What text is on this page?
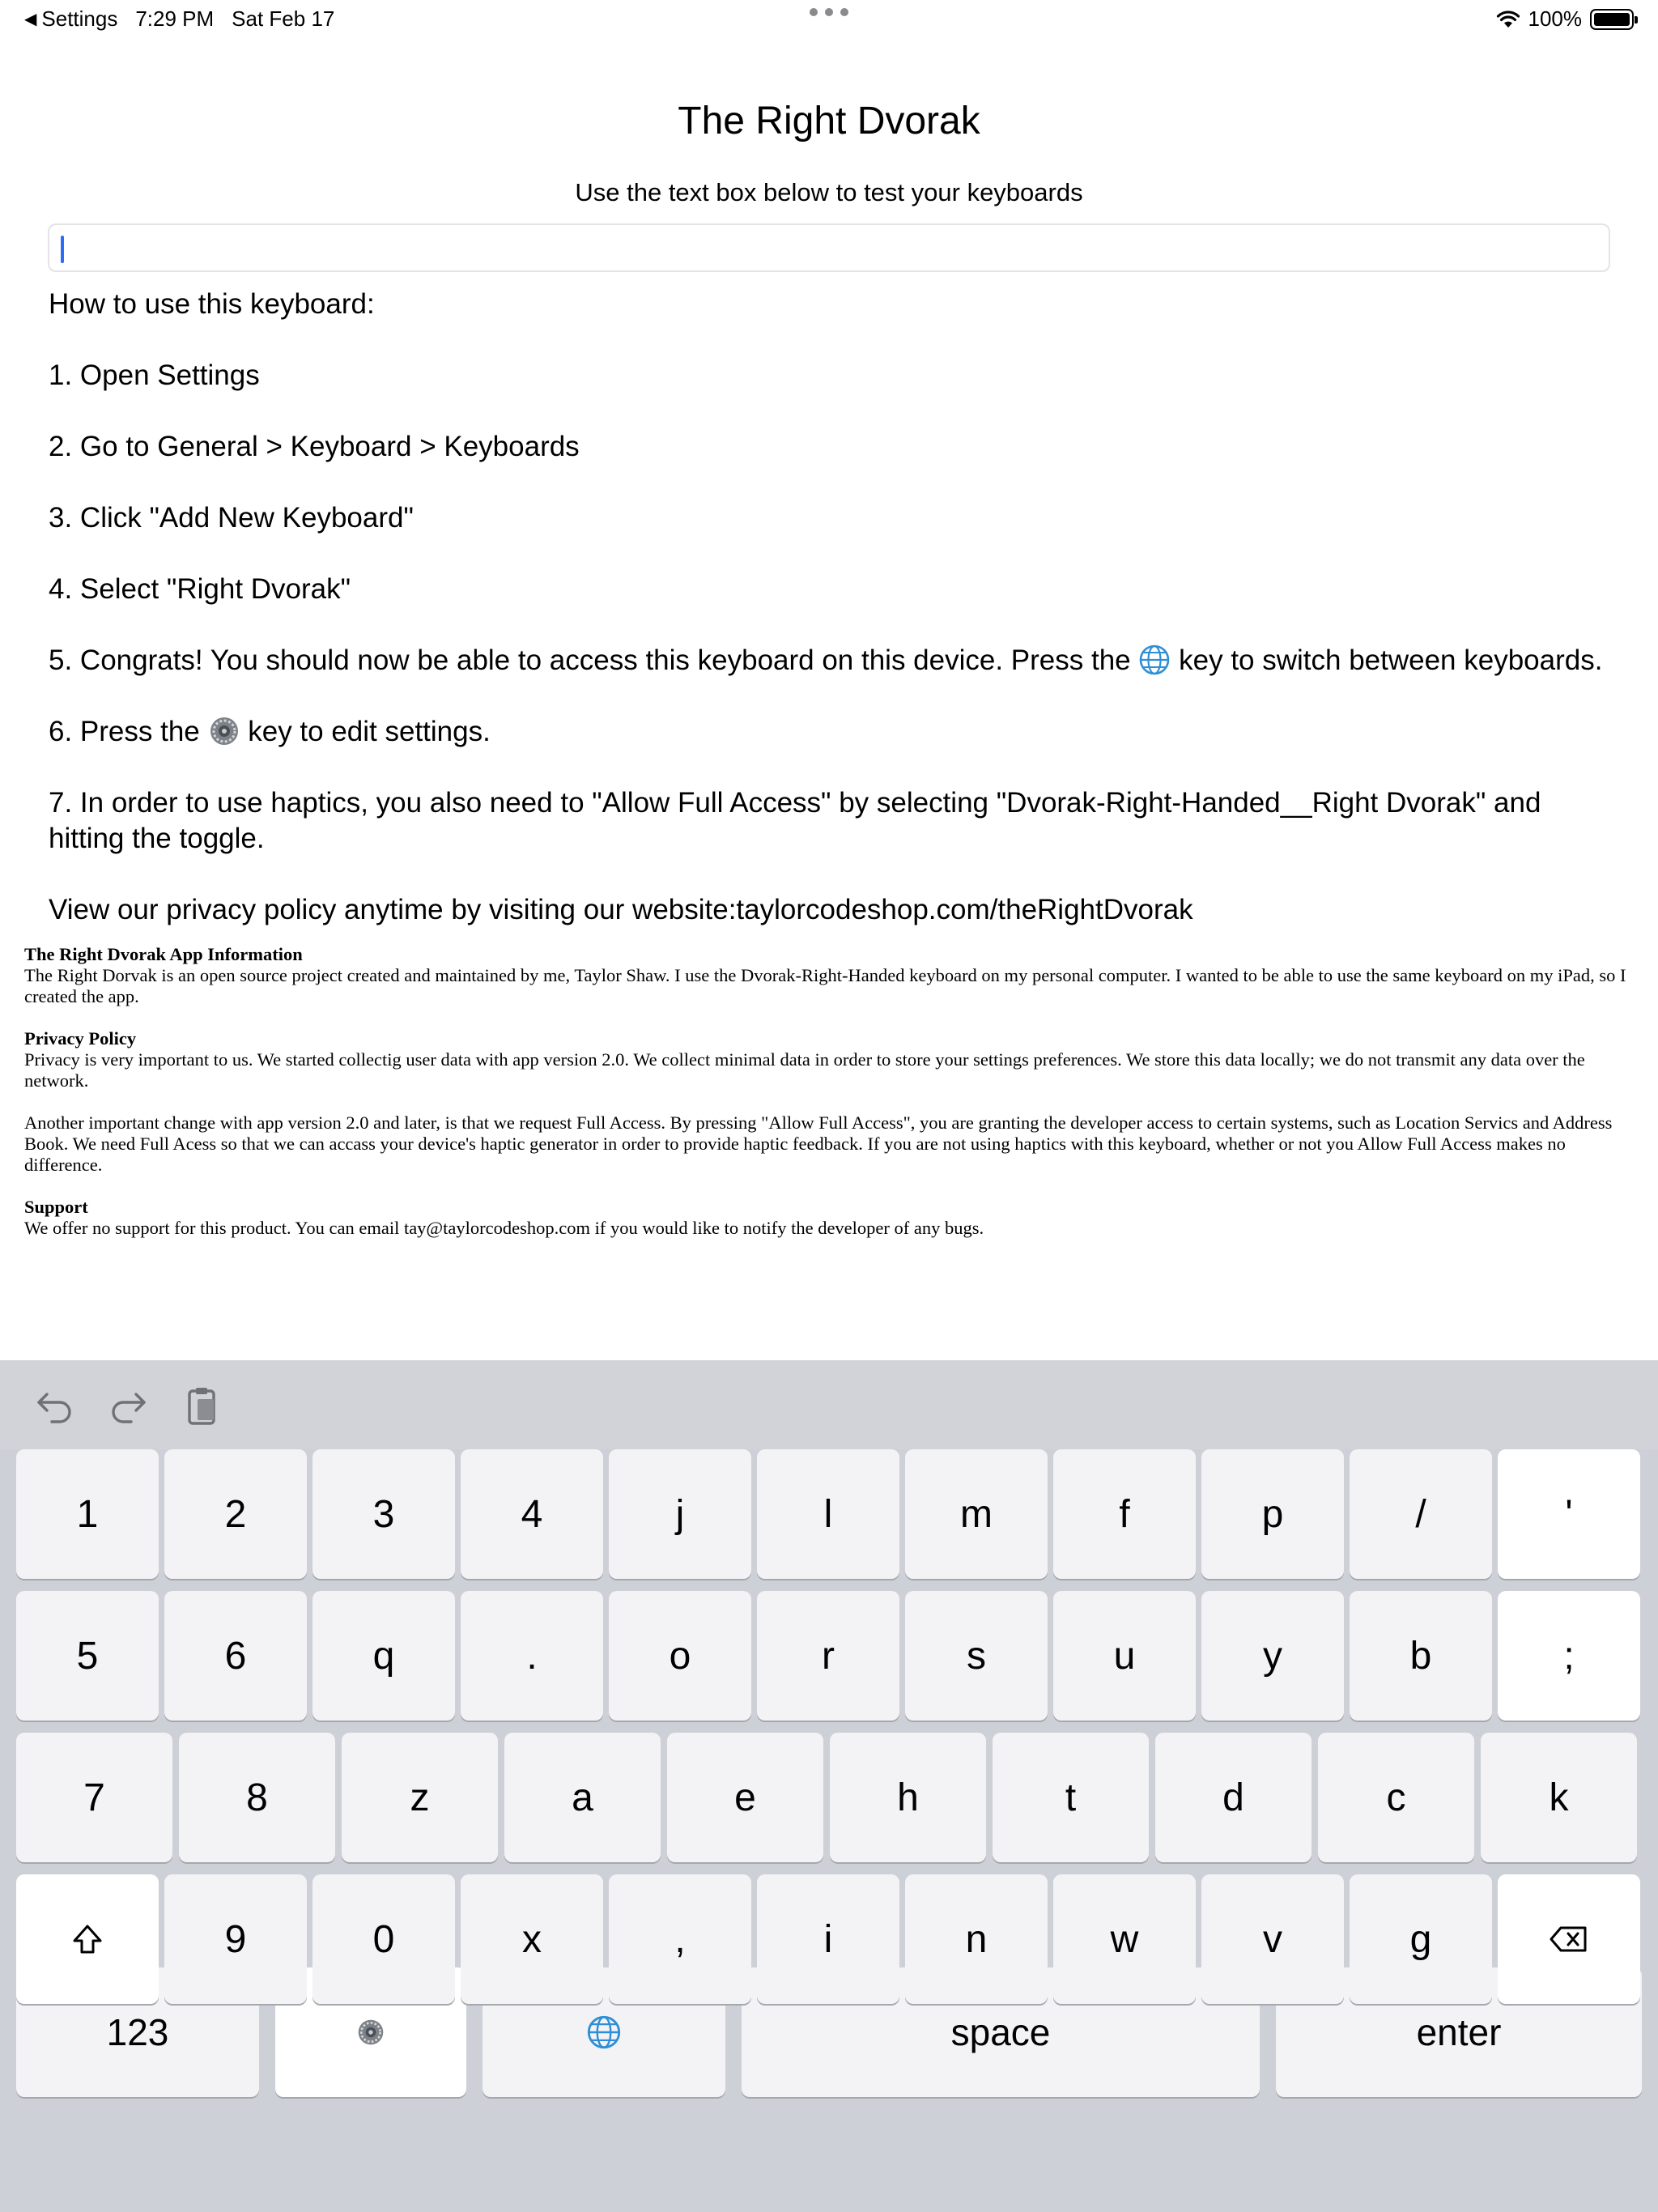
◀ Settings 7:29 PM Sat Feb 17	100%
The Right Dvorak
Use the text box below to test your keyboards
How to use this keyboard:
1. Open Settings
2. Go to General > Keyboard > Keyboards
3. Click "Add New Keyboard"
4. Select "Right Dvorak"
5. Congrats! You should now be able to access this keyboard on this device. Press the key to switch between keyboards.
6. Press the key to edit settings.
7. In order to use haptics, you also need to "Allow Full Access" by selecting "Dvorak-Right-Handed__Right Dvorak" and hitting the toggle.
View our privacy policy anytime by visiting our website:taylorcodeshop.com/theRightDvorak
The Right Dvorak App Information

The Right Dorvak is an open source project created and maintained by me, Taylor Shaw. I use the Dvorak-Right-Handed keyboard on my personal computer. I wanted to be able to use the same keyboard on my iPad, so I created the app.

Privacy Policy

Privacy is very important to us. We started collectig user data with app version 2.0. We collect minimal data in order to store your settings preferences. We store this data locally; we do not transmit any data over the network.

Another important change with app version 2.0 and later, is that we request Full Access. By pressing "Allow Full Access", you are granting the developer access to certain systems, such as Location Servics and Address Book. We need Full Acess so that we can accass your device's haptic generator in order to provide haptic feedback. If you are not using haptics with this keyboard, whether or not you Allow Full Access makes no difference.

Support

We offer no support for this product. You can email tay@taylorcodeshop.com if you would like to notify the developer of any bugs.

123	space	enter
1	2	3	4	j	l	m	f	p	/	'
5	6	q	.	o	r	s	u	y	b	;
7	8	z	a	e	h	t	d	c	k
9	0	x	,	i	n	w	v	g
